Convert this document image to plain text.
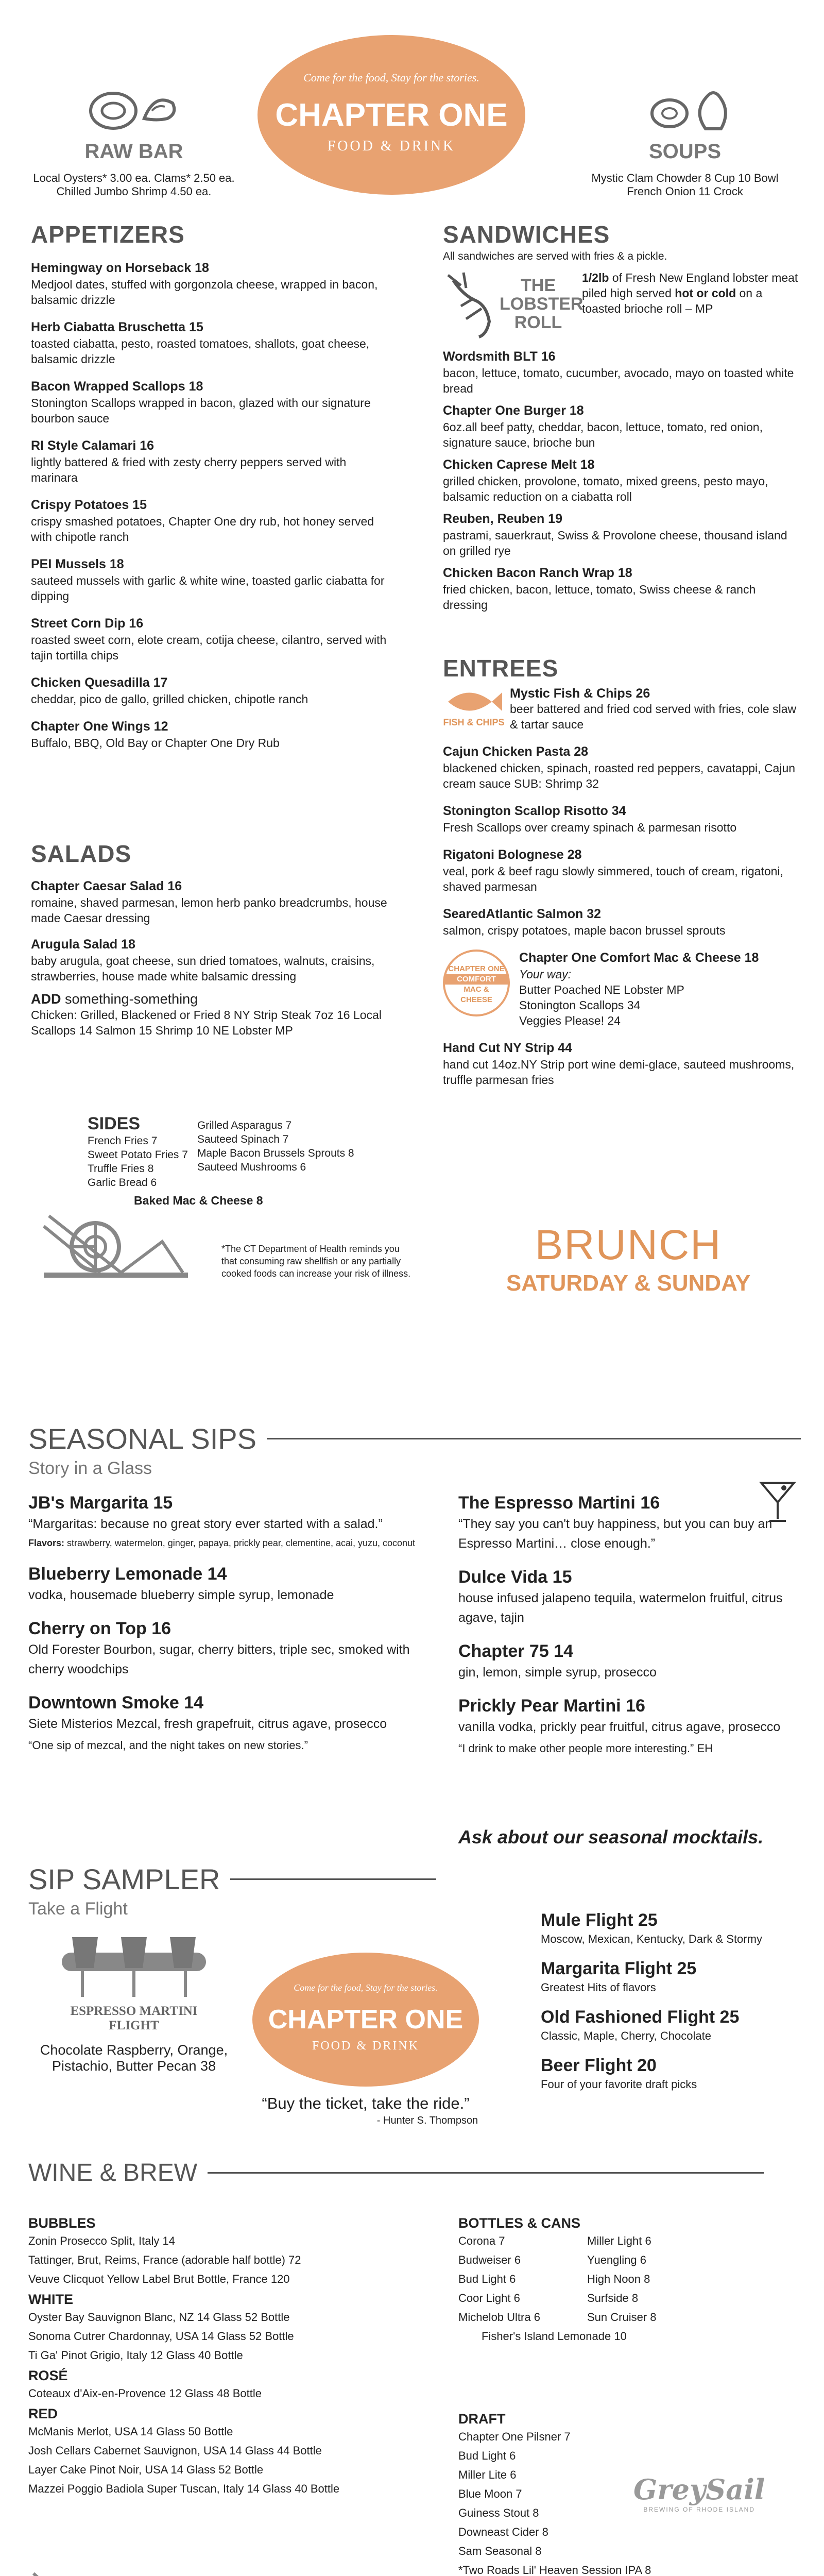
RAW BAR
Local Oysters* 3.00 ea. Clams* 2.50 ea.
Chilled Jumbo Shrimp 4.50 ea.
Come for the food, Stay for the stories.
CHAPTER ONE
FOOD & DRINK	SOUPS
Mystic Clam Chowder 8 Cup 10 Bowl
French Onion 11 Crock
APPETIZERS
Hemingway on Horseback 18
Medjool dates, stuffed with gorgonzola cheese, wrapped in bacon, balsamic drizzle
Herb Ciabatta Bruschetta 15
toasted ciabatta, pesto, roasted tomatoes, shallots, goat cheese, balsamic drizzle
Bacon Wrapped Scallops 18
Stonington Scallops wrapped in bacon, glazed with our signature bourbon sauce
RI Style Calamari 16
lightly battered & fried with zesty cherry peppers served with marinara
Crispy Potatoes 15
crispy smashed potatoes, Chapter One dry rub, hot honey served with chipotle ranch
PEI Mussels 18
sauteed mussels with garlic & white wine, toasted garlic ciabatta for dipping
Street Corn Dip 16
roasted sweet corn, elote cream, cotija cheese, cilantro, served with tajin tortilla chips
Chicken Quesadilla 17
cheddar, pico de gallo, grilled chicken, chipotle ranch
Chapter One Wings 12
Buffalo, BBQ, Old Bay or Chapter One Dry Rub
SALADS
Chapter Caesar Salad 16
romaine, shaved parmesan, lemon herb panko breadcrumbs, house made Caesar dressing
Arugula Salad 18
baby arugula, goat cheese, sun dried tomatoes, walnuts, craisins, strawberries, house made white balsamic dressing
ADD something-something
Chicken: Grilled, Blackened or Fried 8 NY Strip Steak 7oz 16 Local Scallops 14 Salmon 15 Shrimp 10 NE Lobster MP
SIDES
French Fries 7
Sweet Potato Fries 7
Truffle Fries 8
Garlic Bread 6
Grilled Asparagus 7
Sauteed Spinach 7
Maple Bacon Brussels Sprouts 8
Sauteed Mushrooms 6
Baked Mac & Cheese 8
*The CT Department of Health reminds you that consuming raw shellfish or any partially cooked foods can increase your risk of illness.
SANDWICHES
All sandwiches are served with fries & a pickle.
THE
LOBSTER
ROLL
1/2lb of Fresh New England lobster meat piled high served hot or cold on a toasted brioche roll – MP
Wordsmith BLT 16
bacon, lettuce, tomato, cucumber, avocado, mayo on toasted white bread
Chapter One Burger 18
6oz.all beef patty, cheddar, bacon, lettuce, tomato, red onion, signature sauce, brioche bun
Chicken Caprese Melt 18
grilled chicken, provolone, tomato, mixed greens, pesto mayo, balsamic reduction on a ciabatta roll
Reuben, Reuben 19
pastrami, sauerkraut, Swiss & Provolone cheese, thousand island on grilled rye
Chicken Bacon Ranch Wrap 18
fried chicken, bacon, lettuce, tomato, Swiss cheese & ranch dressing
ENTREES
FISH & CHIPS
Mystic Fish & Chips 26
beer battered and fried cod served with fries, cole slaw & tartar sauce
Cajun Chicken Pasta 28
blackened chicken, spinach, roasted red peppers, cavatappi, Cajun cream sauce SUB: Shrimp 32
Stonington Scallop Risotto 34
Fresh Scallops over creamy spinach & parmesan risotto
Rigatoni Bolognese 28
veal, pork & beef ragu slowly simmered, touch of cream, rigatoni, shaved parmesan
SearedAtlantic Salmon 32
salmon, crispy potatoes, maple bacon brussel sprouts
CHAPTER ONE
COMFORT
MAC &
CHEESE
Chapter One Comfort Mac & Cheese 18
Your way:
Butter Poached NE Lobster MP
Stonington Scallops 34
Veggies Please! 24
Hand Cut NY Strip 44
hand cut 14oz.NY Strip port wine demi-glace, sauteed mushrooms, truffle parmesan fries
BRUNCH
SATURDAY & SUNDAY
SEASONAL SIPS
Story in a Glass
JB's Margarita 15
“Margaritas: because no great story ever started with a salad.”
Flavors: strawberry, watermelon, ginger, papaya, prickly pear, clementine, acai, yuzu, coconut
Blueberry Lemonade 14
vodka, housemade blueberry simple syrup, lemonade
Cherry on Top 16
Old Forester Bourbon, sugar, cherry bitters, triple sec, smoked with cherry woodchips
Downtown Smoke 14
Siete Misterios Mezcal, fresh grapefruit, citrus agave, prosecco
“One sip of mezcal, and the night takes on new stories.”
The Espresso Martini 16
“They say you can't buy happiness, but you can buy an Espresso Martini… close enough.”
Dulce Vida 15
house infused jalapeno tequila, watermelon fruitful, citrus agave, tajin
Chapter 75 14
gin, lemon, simple syrup, prosecco
Prickly Pear Martini 16
vanilla vodka, prickly pear fruitful, citrus agave, prosecco
“I drink to make other people more interesting.” EH
Ask about our seasonal mocktails.
SIP SAMPLER
Take a Flight
ESPRESSO MARTINI
FLIGHT
Chocolate Raspberry, Orange,
Pistachio, Butter Pecan 38
Come for the food, Stay for the stories.
CHAPTER ONE
FOOD & DRINK
“Buy the ticket, take the ride.”
- Hunter S. Thompson
Mule Flight 25
Moscow, Mexican, Kentucky, Dark & Stormy
Margarita Flight 25
Greatest Hits of flavors
Old Fashioned Flight 25
Classic, Maple, Cherry, Chocolate
Beer Flight 20
Four of your favorite draft picks
WINE & BREW
BUBBLES
Zonin Prosecco Split, Italy 14
Tattinger, Brut, Reims, France (adorable half bottle) 72
Veuve Clicquot Yellow Label Brut Bottle, France 120
WHITE
Oyster Bay Sauvignon Blanc, NZ 14 Glass 52 Bottle
Sonoma Cutrer Chardonnay, USA 14 Glass 52 Bottle
Ti Ga' Pinot Grigio, Italy 12 Glass 40 Bottle
ROSÉ
Coteaux d'Aix-en-Provence 12 Glass 48 Bottle
RED
McManis Merlot, USA 14 Glass 50 Bottle
Josh Cellars Cabernet Sauvignon, USA 14 Glass 44 Bottle
Layer Cake Pinot Noir, USA 14 Glass 52 Bottle
Mazzei Poggio Badiola Super Tuscan, Italy 14 Glass 40 Bottle
BOTTLES & CANS
Corona 7
Budweiser 6
Bud Light 6
Coor Light 6
Michelob Ultra 6
Miller Light 6
Yuengling 6
High Noon 8
Surfside 8
Sun Cruiser 8
Fisher's Island Lemonade 10
DRAFT
Chapter One Pilsner 7
Bud Light 6
Miller Lite 6
Blue Moon 7
Guiness Stout 8
Downeast Cider 8
Sam Seasonal 8
*Two Roads Lil' Heaven Session IPA 8
GreySail
BREWING OF RHODE ISLAND
